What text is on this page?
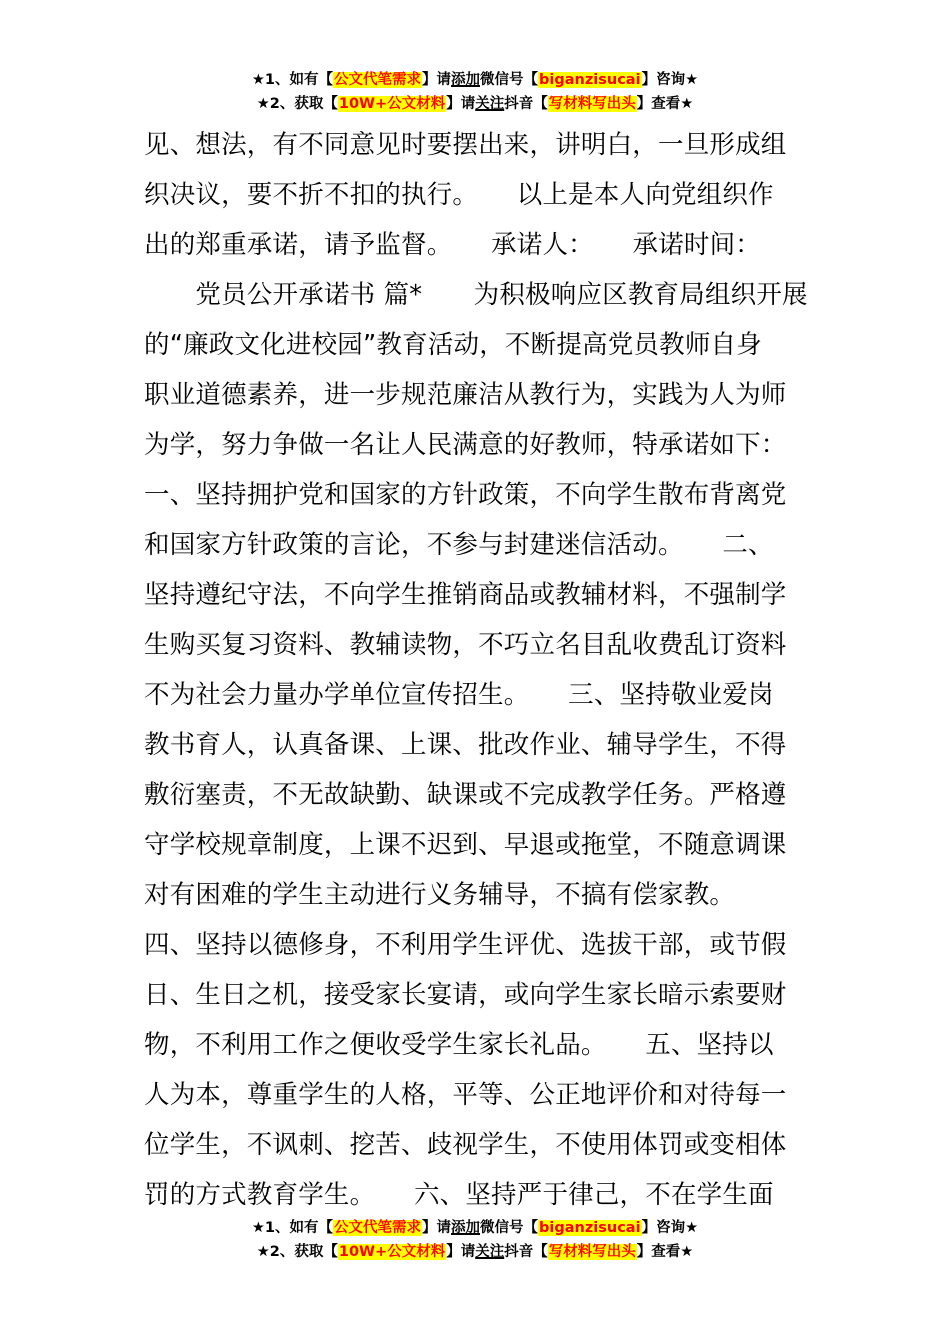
★1、如有【公文代笔需求】请添加微信号【biganzisucai】咨询★
★2、获取【10W+公文材料】请关注抖音【写材料写出头】查看★
见、想法，有不同意见时要摆出来，讲明白，一旦形成组
织决议，要不折不扣的执行。　　以上是本人向党组织作
出的郑重承诺，请予监督。　　承诺人：　　承诺时间：
　　党员公开承诺书 篇*　　为积极响应区教育局组织开展
的“廉政文化进校园”教育活动，不断提高党员教师自身
职业道德素养，进一步规范廉洁从教行为，实践为人为师
为学，努力争做一名让人民满意的好教师，特承诺如下：
一、坚持拥护党和国家的方针政策，不向学生散布背离党
和国家方针政策的言论，不参与封建迷信活动。　　二、
坚持遵纪守法，不向学生推销商品或教辅材料，不强制学
生购买复习资料、教辅读物，不巧立名目乱收费乱订资料
不为社会力量办学单位宣传招生。　　三、坚持敬业爱岗
教书育人，认真备课、上课、批改作业、辅导学生，不得
敷衍塞责，不无故缺勤、缺课或不完成教学任务。严格遵
守学校规章制度，上课不迟到、早退或拖堂，不随意调课
对有困难的学生主动进行义务辅导，不搞有偿家教。　　
四、坚持以德修身，不利用学生评优、选拔干部，或节假
日、生日之机，接受家长宴请，或向学生家长暗示索要财
物，不利用工作之便收受学生家长礼品。　　五、坚持以
人为本，尊重学生的人格，平等、公正地评价和对待每一
位学生，不讽刺、挖苦、歧视学生，不使用体罚或变相体
罚的方式教育学生。　　六、坚持严于律己，不在学生面
★1、如有【公文代笔需求】请添加微信号【biganzisucai】咨询★
★2、获取【10W+公文材料】请关注抖音【写材料写出头】查看★
